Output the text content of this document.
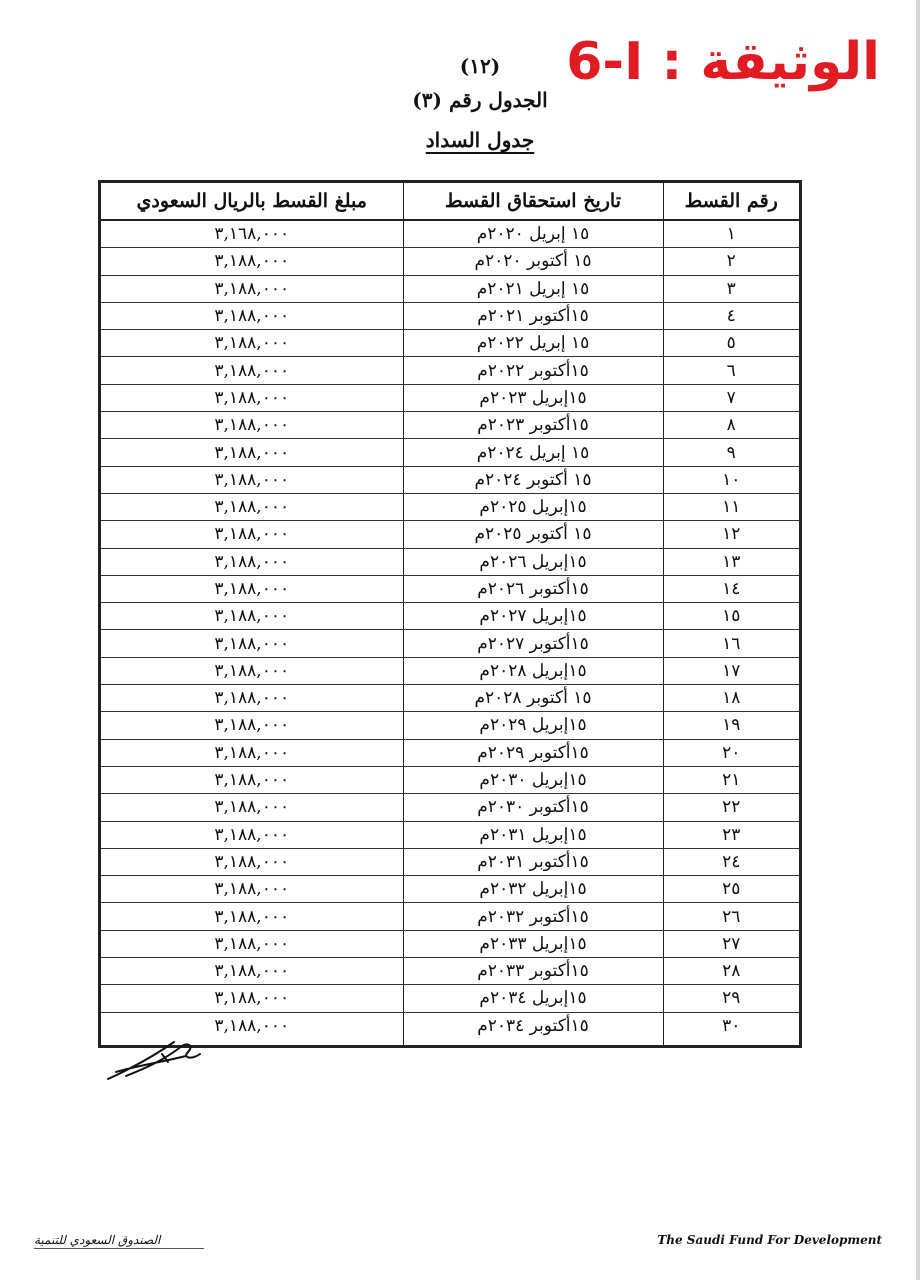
الوثيقة : 6-I
(١٢)
الجدول رقم (٣)
جدول السداد
رقم القسط	تاريخ استحقاق القسط	مبلغ القسط بالريال السعودي
١	١٥ إبريل ٢٠٢٠م	٣,١٦٨,٠٠٠
٢	١٥ أكتوبر ٢٠٢٠م	٣,١٨٨,٠٠٠
٣	١٥ إبريل ٢٠٢١م	٣,١٨٨,٠٠٠
٤	١٥أكتوبر ٢٠٢١م	٣,١٨٨,٠٠٠
٥	١٥ إبريل ٢٠٢٢م	٣,١٨٨,٠٠٠
٦	١٥أكتوبر ٢٠٢٢م	٣,١٨٨,٠٠٠
٧	١٥إبريل ٢٠٢٣م	٣,١٨٨,٠٠٠
٨	١٥أكتوبر ٢٠٢٣م	٣,١٨٨,٠٠٠
٩	١٥ إبريل ٢٠٢٤م	٣,١٨٨,٠٠٠
١٠	١٥ أكتوبر ٢٠٢٤م	٣,١٨٨,٠٠٠
١١	١٥إبريل ٢٠٢٥م	٣,١٨٨,٠٠٠
١٢	١٥ أكتوبر ٢٠٢٥م	٣,١٨٨,٠٠٠
١٣	١٥إبريل ٢٠٢٦م	٣,١٨٨,٠٠٠
١٤	١٥أكتوبر ٢٠٢٦م	٣,١٨٨,٠٠٠
١٥	١٥إبريل ٢٠٢٧م	٣,١٨٨,٠٠٠
١٦	١٥أكتوبر ٢٠٢٧م	٣,١٨٨,٠٠٠
١٧	١٥إبريل ٢٠٢٨م	٣,١٨٨,٠٠٠
١٨	١٥ أكتوبر ٢٠٢٨م	٣,١٨٨,٠٠٠
١٩	١٥إبريل ٢٠٢٩م	٣,١٨٨,٠٠٠
٢٠	١٥أكتوبر ٢٠٢٩م	٣,١٨٨,٠٠٠
٢١	١٥إبريل ٢٠٣٠م	٣,١٨٨,٠٠٠
٢٢	١٥أكتوبر ٢٠٣٠م	٣,١٨٨,٠٠٠
٢٣	١٥إبريل ٢٠٣١م	٣,١٨٨,٠٠٠
٢٤	١٥أكتوبر ٢٠٣١م	٣,١٨٨,٠٠٠
٢٥	١٥إبريل ٢٠٣٢م	٣,١٨٨,٠٠٠
٢٦	١٥أكتوبر ٢٠٣٢م	٣,١٨٨,٠٠٠
٢٧	١٥إبريل ٢٠٣٣م	٣,١٨٨,٠٠٠
٢٨	١٥أكتوبر ٢٠٣٣م	٣,١٨٨,٠٠٠
٢٩	١٥إبريل ٢٠٣٤م	٣,١٨٨,٠٠٠
٣٠	١٥أكتوبر ٢٠٣٤م	٣,١٨٨,٠٠٠
الصندوق السعودي للتنمية	The Saudi Fund For Development
